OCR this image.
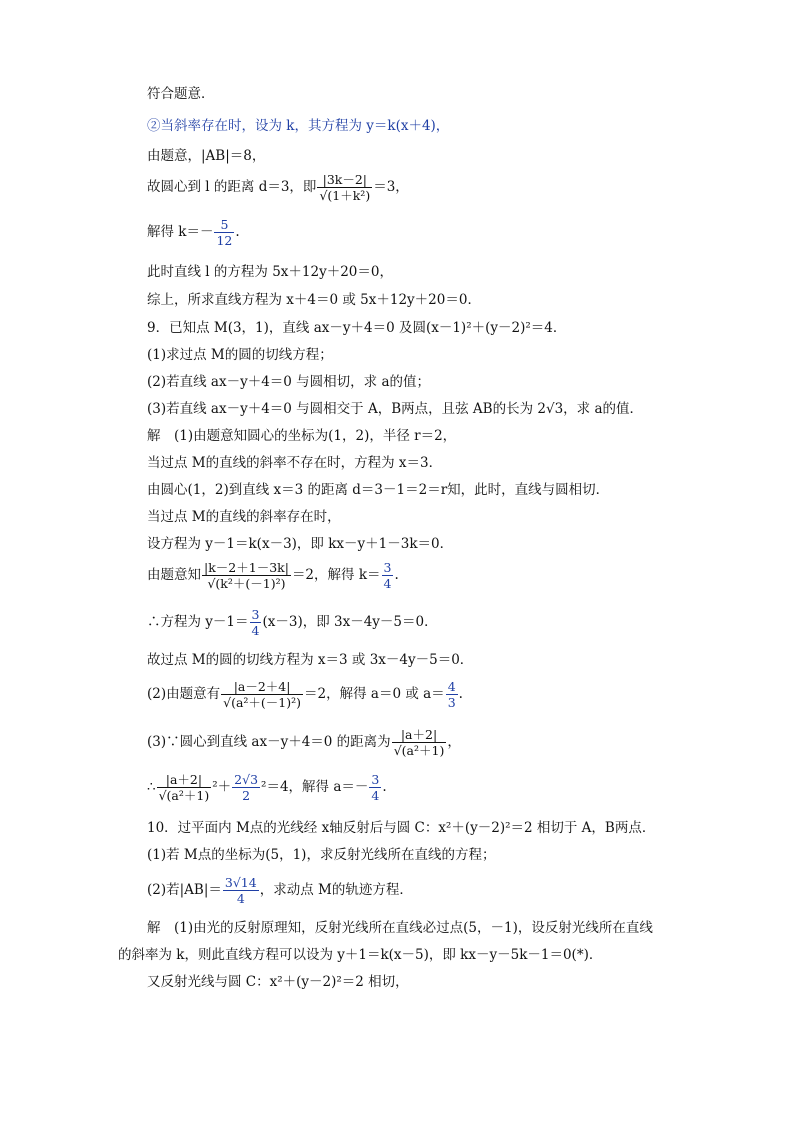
符合题意．
②当斜率存在时，设为 k，其方程为 y＝k(x＋4)，
由题意，|AB|＝8，
故圆心到 l 的距离 d＝3，即 $\frac{|3k-2|}{\text{√(1＋k²)}} =3$，
解得 $k=- \frac{5}{12}$ .
此时直线 l 的方程为 5x＋12y＋20＝0，
综上，所求直线方程为 x＋4＝0 或 5x＋12y＋20＝0．
9．已知点 M(3，1)，直线 ax－y＋4＝0 及圆(x－1)²＋(y－2)²＝4．
(1)求过点 M的圆的切线方程；
(2)若直线 ax－y＋4＝0 与圆相切，求 a的值；
(3)若直线 ax－y＋4＝0 与圆相交于 A，B两点，且弦 AB的长为 2√3，求 a的值．
解　(1)由题意知圆心的坐标为(1，2)，半径 r＝2，
当过点 M的直线的斜率不存在时，方程为 x＝3．
由圆心(1，2)到直线 x＝3 的距离 d＝3－1＝2＝r知，此时，直线与圆相切．
当过点 M的直线的斜率存在时，
设方程为 y－1＝k(x－3)，即 kx－y＋1－3k＝0．
由题意知 $\frac{|k-2+1-3k|}{\text{√(k²＋(－1)²)}} =2$，解得 $k= \frac{3}{4}$ .
∴方程为 $y-1= \frac{3}{4} (x-3)$，即 3x－4y－5＝0．
故过点 M的圆的切线方程为 x＝3 或 3x－4y－5＝0．
(2)由题意有 $\frac{|a-2+4|}{\text{√(a²＋(－1)²)}} =2$，解得 a＝0 或 $a= \frac{4}{3}$ .
(3)∵圆心到直线 ax－y＋4＝0 的距离为 $\frac{|a+2|}{\text{√(a²＋1)}}$ ，
∴ $\frac{|a+2|}{\text{√(a²＋1)}} ^2+ \frac{2√3}{2} ^2=4$，解得 $a=- \frac{3}{4}$ .
10．过平面内 M点的光线经 x轴反射后与圆 C：x²＋(y－2)²＝2 相切于 A，B两点．
(1)若 M点的坐标为(5，1)，求反射光线所在直线的方程；
(2)若$|AB|= \frac{3√14}{4}$ ，求动点 M的轨迹方程．
解　(1)由光的反射原理知，反射光线所在直线必过点(5，－1)，设反射光线所在直线
的斜率为 k，则此直线方程可以设为 y＋1＝k(x－5)，即 kx－y－5k－1＝0(*)．
又反射光线与圆 C：x²＋(y－2)²＝2 相切，
